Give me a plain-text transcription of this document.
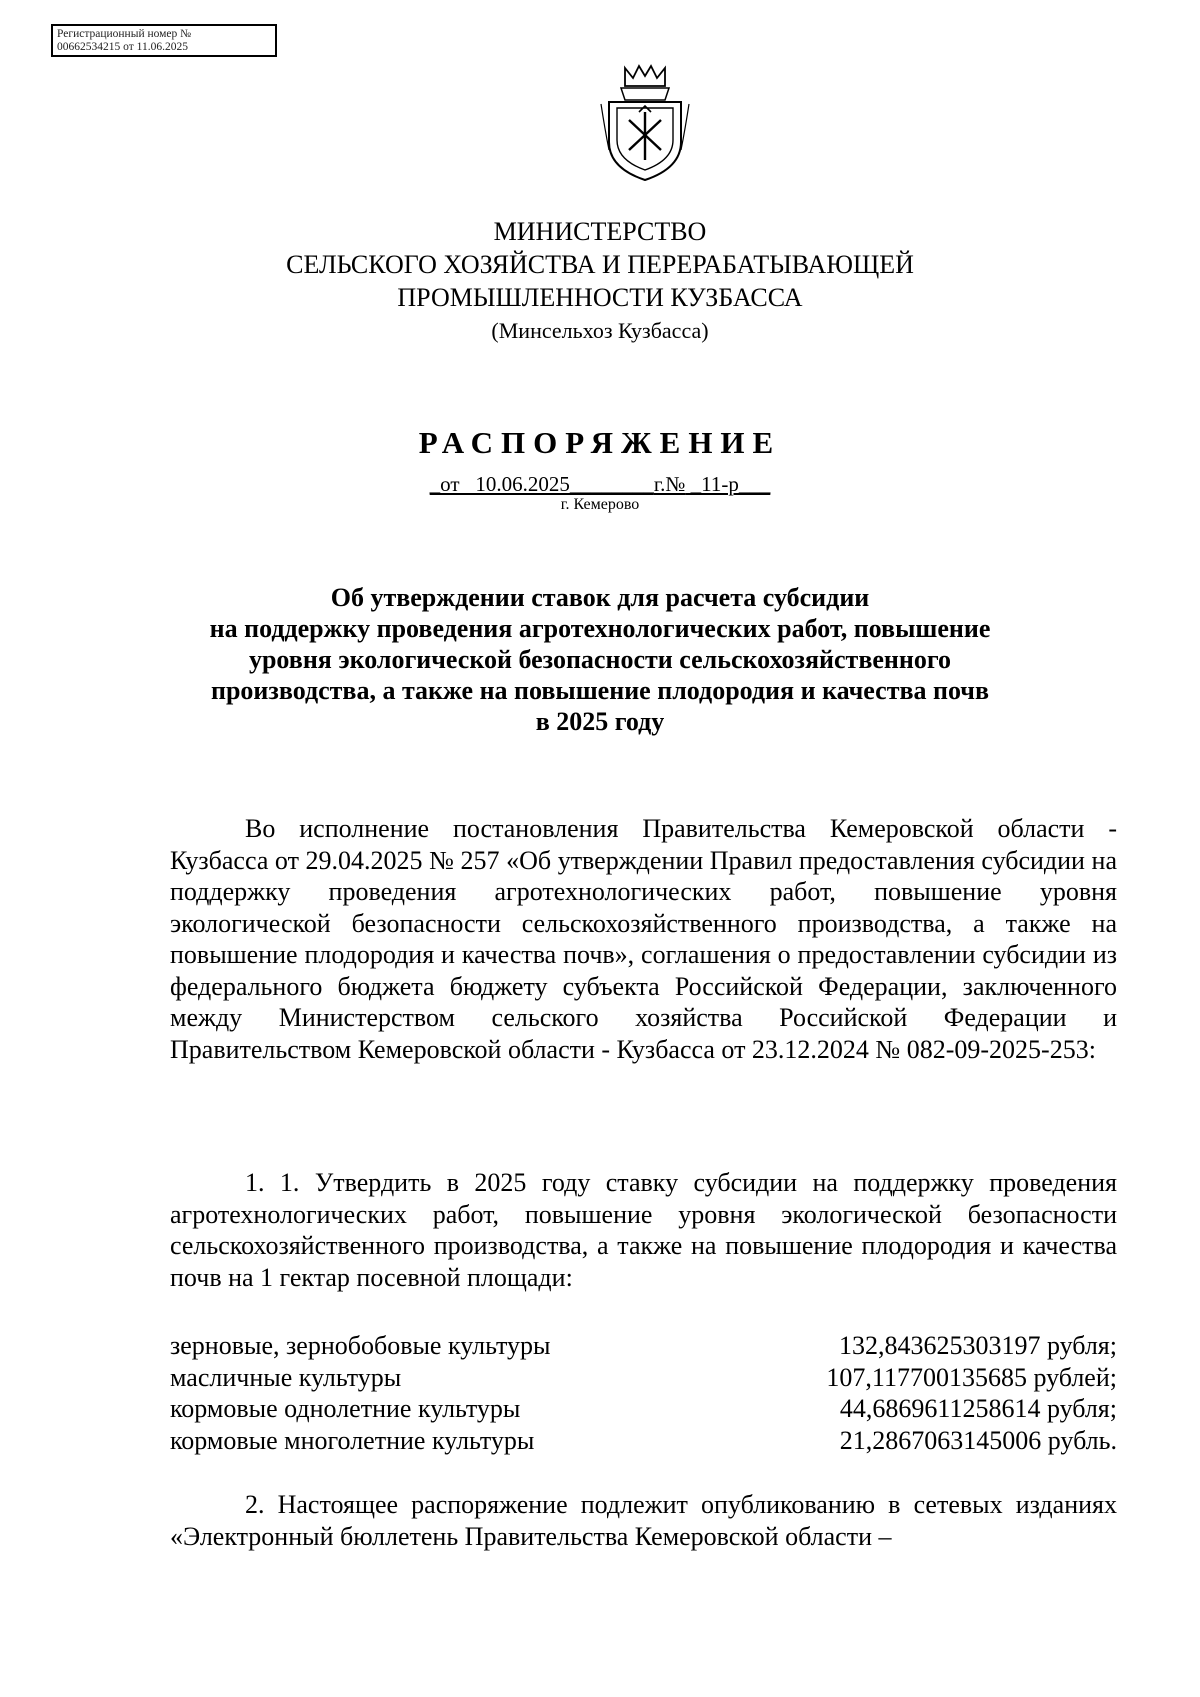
Регистрационный номер №
00662534215 от 11.06.2025
МИНИСТЕРСТВО
СЕЛЬСКОГО ХОЗЯЙСТВА И ПЕРЕРАБАТЫВАЮЩЕЙ
ПРОМЫШЛЕННОСТИ КУЗБАССА
(Минсельхоз Кузбасса)
РАСПОРЯЖЕНИЕ
_от   10.06.2025________г.№ _11-р___
г. Кемерово
Об утверждении ставок для расчета субсидии
на поддержку проведения агротехнологических работ, повышение
уровня экологической безопасности сельскохозяйственного
производства, а также на повышение плодородия и качества почв
в 2025 году
Во исполнение постановления Правительства Кемеровской области - Кузбасса от 29.04.2025 № 257 «Об утверждении Правил предоставления субсидии на поддержку проведения агротехнологических работ, повышение уровня экологической безопасности сельскохозяйственного производства, а также на повышение плодородия и качества почв», соглашения о предоставлении субсидии из федерального бюджета бюджету субъекта Российской Федерации, заключенного между Министерством сельского хозяйства Российской Федерации и Правительством Кемеровской области - Кузбасса от 23.12.2024 № 082-09-2025-253:
1. 1. Утвердить в 2025 году ставку субсидии на поддержку проведения агротехнологических работ, повышение уровня экологической безопасности сельскохозяйственного производства, а также на повышение плодородия и качества почв на 1 гектар посевной площади:
зерновые, зернобобовые культуры	132,843625303197 рубля;
масличные культуры	107,117700135685 рублей;
кормовые однолетние культуры	44,6869611258614 рубля;
кормовые многолетние культуры	21,2867063145006 рубль.
2. Настоящее распоряжение подлежит опубликованию в сетевых изданиях «Электронный бюллетень Правительства Кемеровской области –
